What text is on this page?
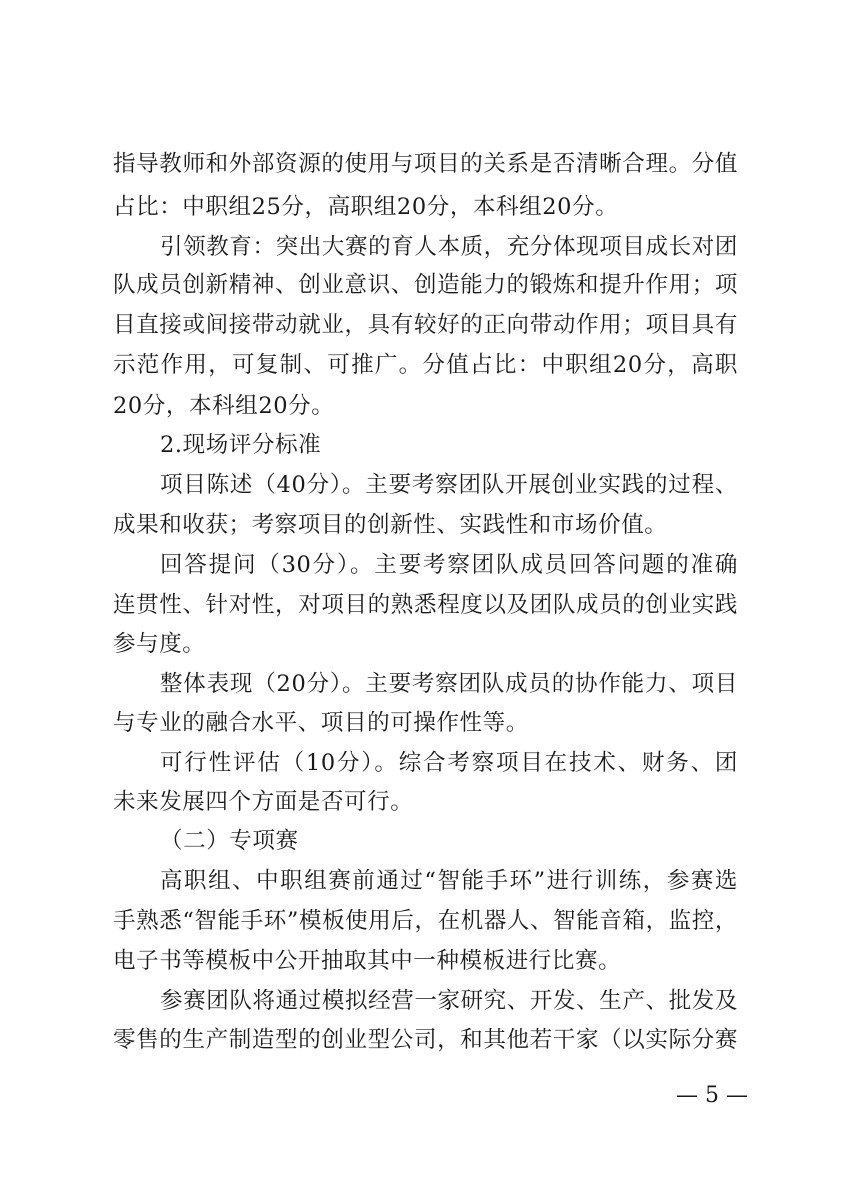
指导教师和外部资源的使用与项目的关系是否清晰合理。分值
占比：中职组25分，高职组20分，本科组20分。
引领教育：突出大赛的育人本质，充分体现项目成长对团
队成员创新精神、创业意识、创造能力的锻炼和提升作用；项
目直接或间接带动就业，具有较好的正向带动作用；项目具有
示范作用，可复制、可推广。分值占比：中职组20分，高职
20分，本科组20分。
2.现场评分标准
项目陈述（40分）。主要考察团队开展创业实践的过程、
成果和收获；考察项目的创新性、实践性和市场价值。
回答提问（30分）。主要考察团队成员回答问题的准确
连贯性、针对性，对项目的熟悉程度以及团队成员的创业实践
参与度。
整体表现（20分）。主要考察团队成员的协作能力、项目
与专业的融合水平、项目的可操作性等。
可行性评估（10分）。综合考察项目在技术、财务、团
未来发展四个方面是否可行。
（二）专项赛
高职组、中职组赛前通过“智能手环”进行训练，参赛选
手熟悉“智能手环”模板使用后，在机器人、智能音箱，监控，
电子书等模板中公开抽取其中一种模板进行比赛。
参赛团队将通过模拟经营一家研究、开发、生产、批发及
零售的生产制造型的创业型公司，和其他若干家（以实际分赛
— 5 —
